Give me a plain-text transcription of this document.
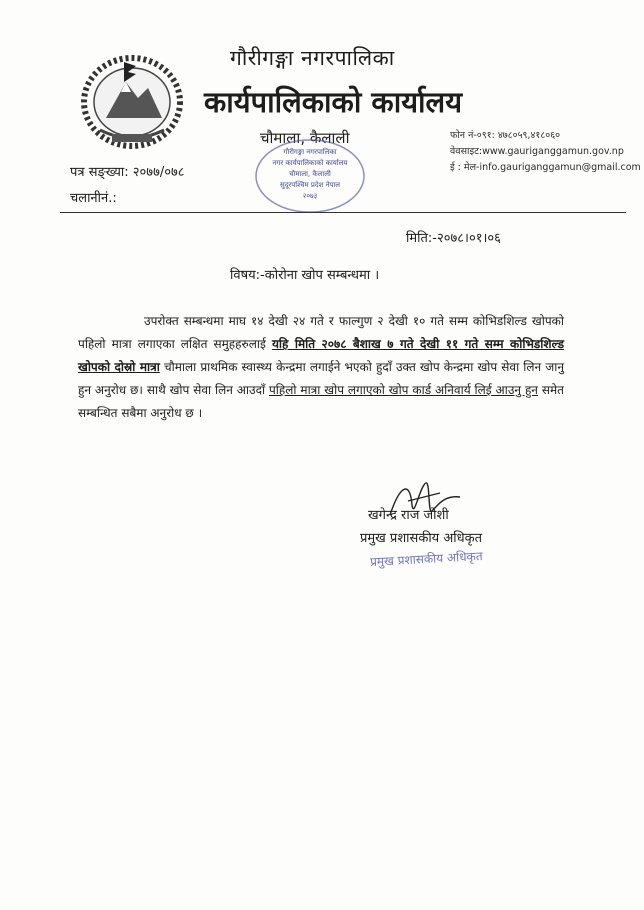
गौरीगङ्गा नगरपालिका
कार्यपालिकाको कार्यालय
चौमाला, कैलाली
गौरीगङ्गा नगरपालिका
नगर कार्यपालिकाको कार्यालय
चौमाला, कैलाली
सुदूरपश्चिम प्रदेश नेपाल
२०७३
फोन नं-०९१: ४७८०५९,४१८०६०
वेवसाइट:www.gauriganggamun.gov.np
ई : मेल-info.gauriganggamun@gmail.com
पत्र सङ्ख्या: २०७७/०७८
चलानीनं.:
मिति:-२०७८।०१।०६
विषय:-कोरोना खोप सम्बन्धमा ।
उपरोक्त सम्बन्धमा माघ १४ देखी २४ गते र फाल्गुण २ देखी १० गते सम्म कोभिडशिल्ड खोपको पहिलो मात्रा लगाएका लक्षित समुहहरुलाई यहि मिति २०७८ बैशाख ७ गते देखी ११ गते सम्म कोभिडशिल्ड खोपको दोस्रो मात्रा चौमाला प्राथमिक स्वास्थ्य केन्द्रमा लगाईने भएको हुदाँ उक्त खोप केन्द्रमा खोप सेवा लिन जानु हुन अनुरोध छ। साथै खोप सेवा लिन आउदाँ पहिलो मात्रा खोप लगाएको खोप कार्ड अनिवार्य लिई आउनु हुन समेत सम्बन्धित सबैमा अनुरोध छ ।
खगेन्द्र राज जोशी
प्रमुख प्रशासकीय अधिकृत
प्रमुख प्रशासकीय अधिकृत
